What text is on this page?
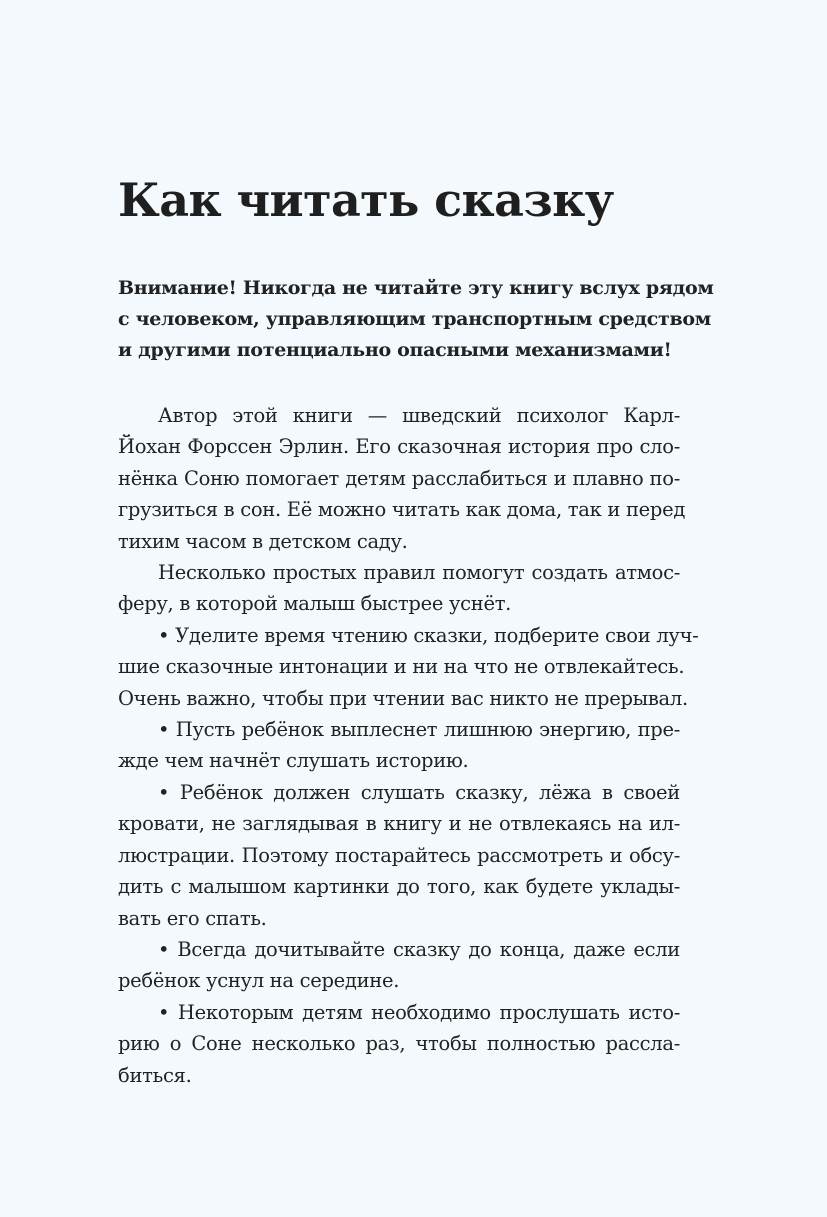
Как читать сказку

Внимание! Никогда не читайте эту книгу вслух рядом
с человеком, управляющим транспортным средством
и другими потенциально опасными механизмами!

Автор этой книги — шведский психолог Карл-
Йохан Форссен Эрлин. Его сказочная история про сло-
нёнка Соню помогает детям расслабиться и плавно по-
грузиться в сон. Её можно читать как дома, так и перед
тихим часом в детском саду.
Несколько простых правил помогут создать атмос-
феру, в которой малыш быстрее уснёт.
• Уделите время чтению сказки, подберите свои луч-
шие сказочные интонации и ни на что не отвлекайтесь.
Очень важно, чтобы при чтении вас никто не прерывал.
• Пусть ребёнок выплеснет лишнюю энергию, пре-
жде чем начнёт слушать историю.
• Ребёнок должен слушать сказку, лёжа в своей
кровати, не заглядывая в книгу и не отвлекаясь на ил-
люстрации. Поэтому постарайтесь рассмотреть и обсу-
дить с малышом картинки до того, как будете уклады-
вать его спать.
• Всегда дочитывайте сказку до конца, даже если
ребёнок уснул на середине.
• Некоторым детям необходимо прослушать исто-
рию о Соне несколько раз, чтобы полностью рассла-
биться.
